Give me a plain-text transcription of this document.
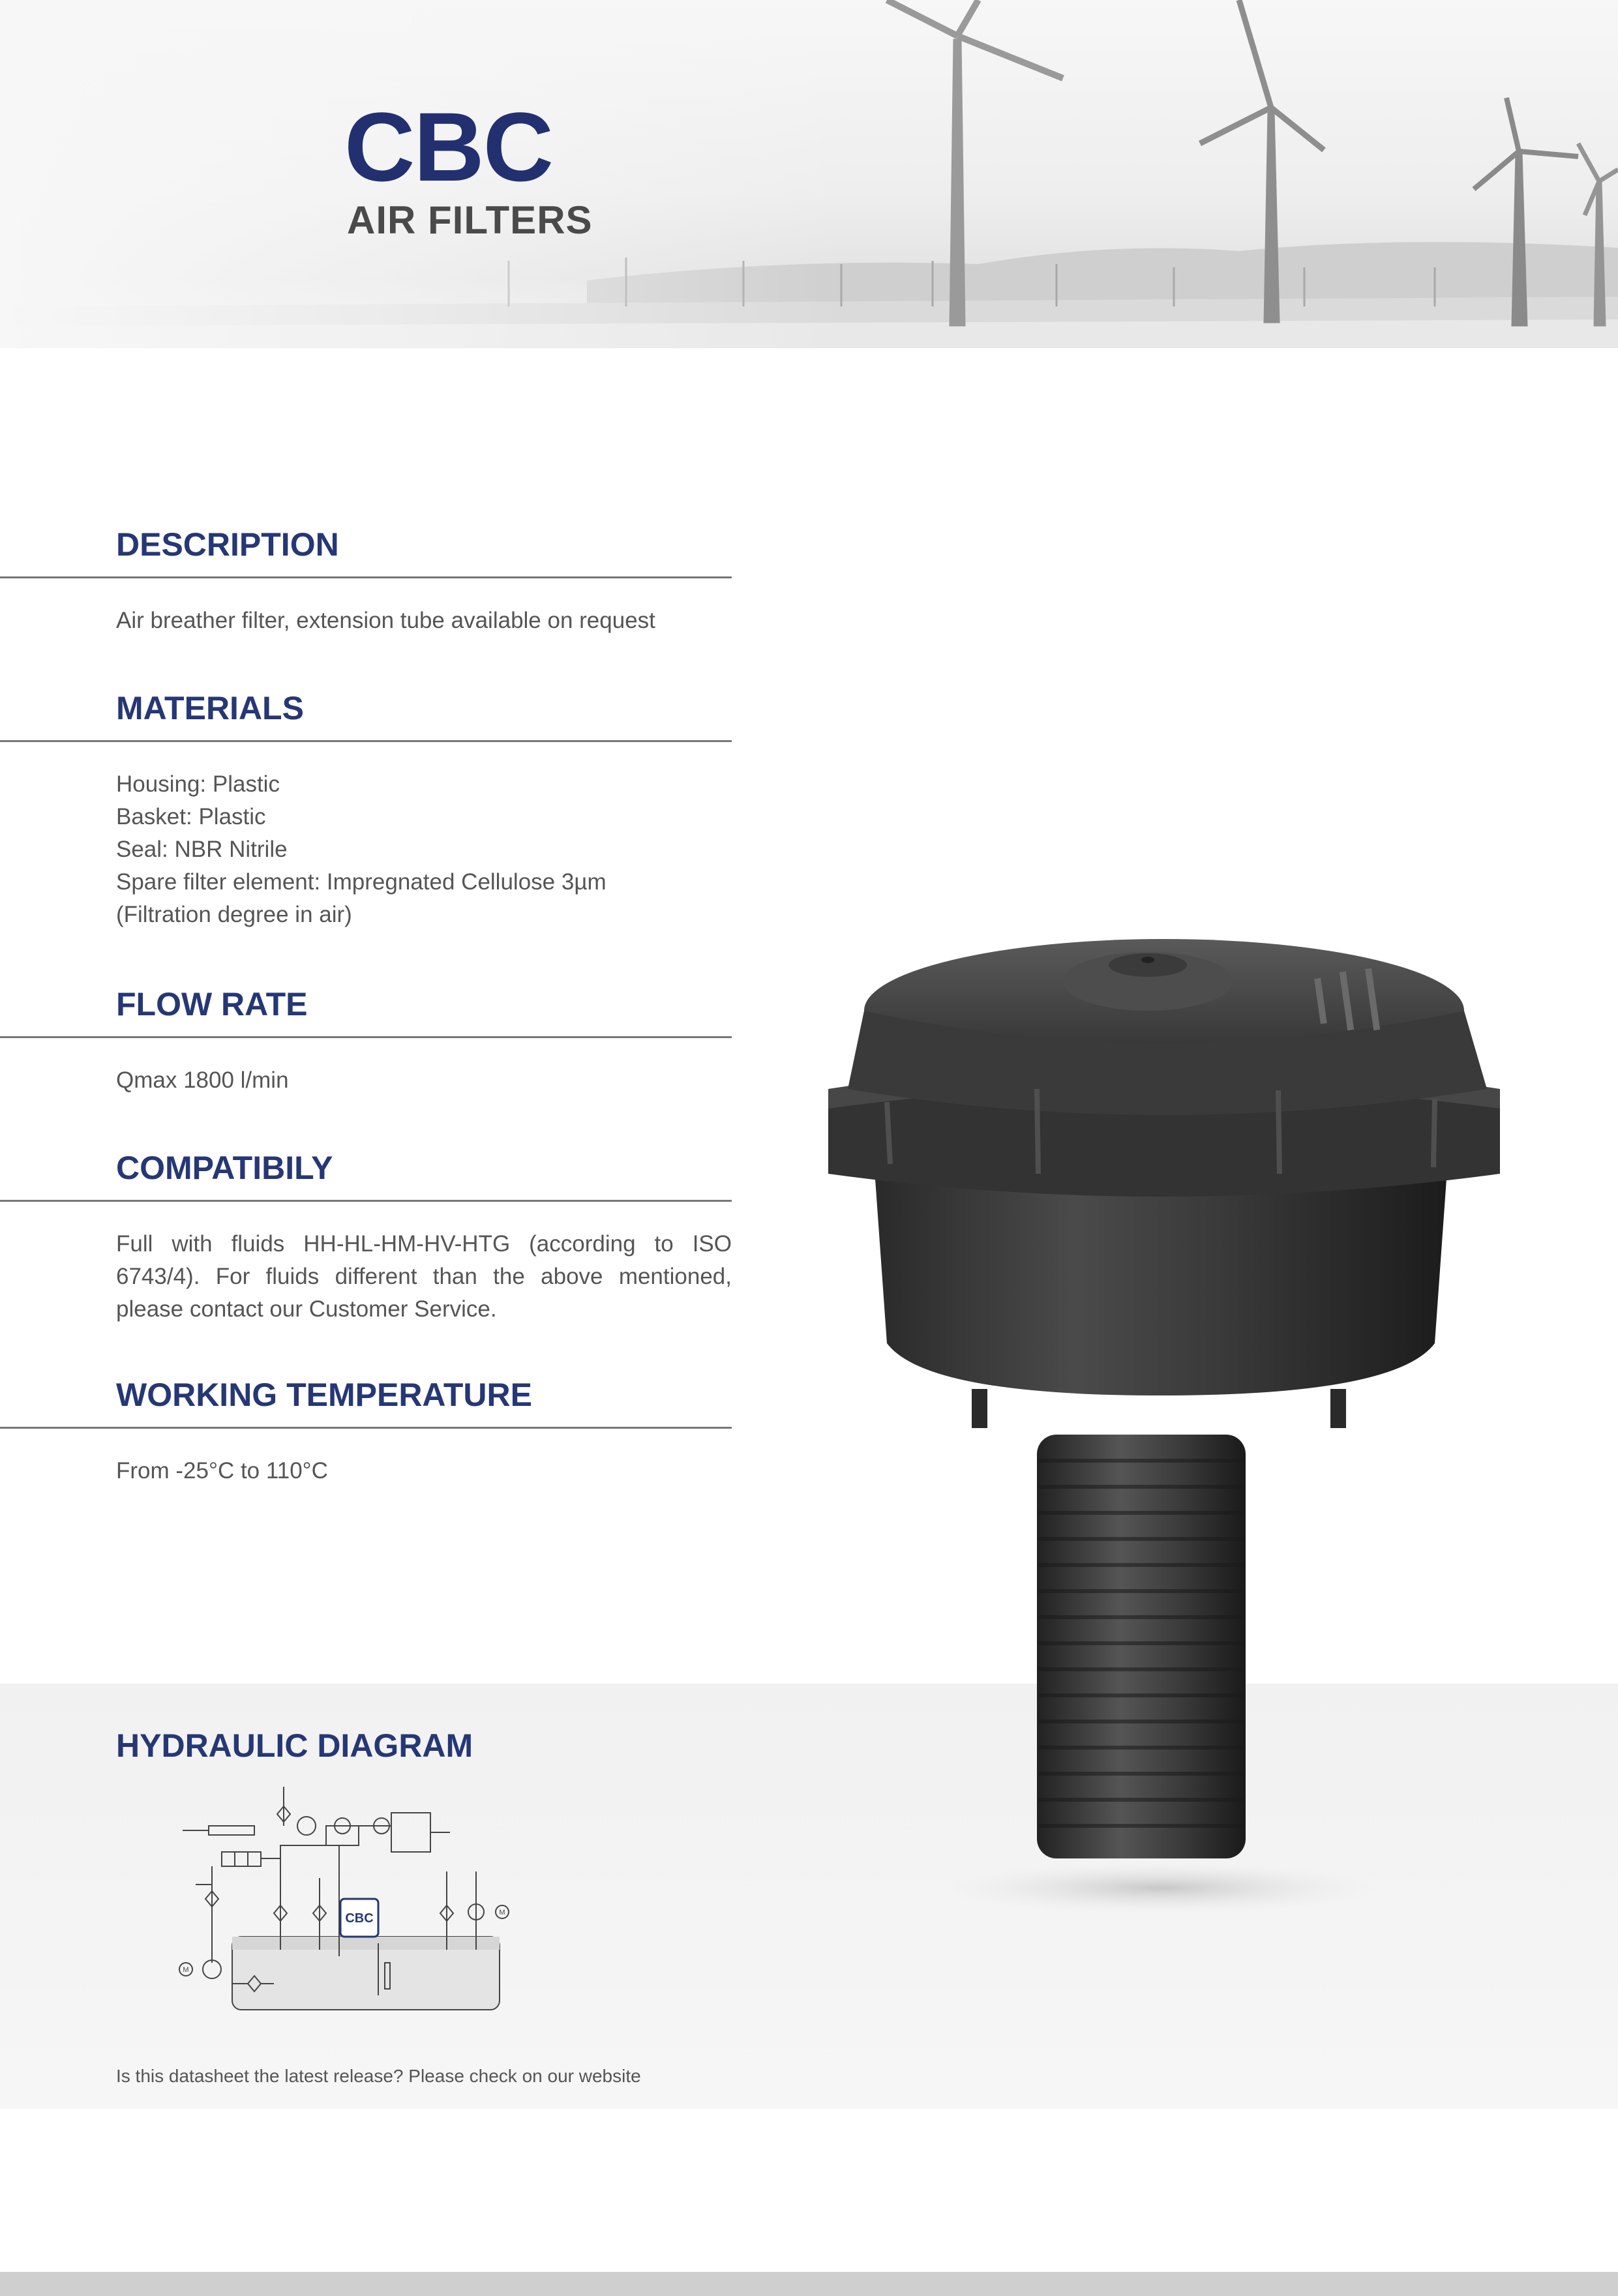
CBC
AIR FILTERS
DESCRIPTION

Air breather filter, extension tube available on request

MATERIALS

Housing: Plastic

Basket: Plastic

Seal: NBR Nitrile

Spare filter element: Impregnated Cellulose 3µm

(Filtration degree in air)

FLOW RATE

Qmax 1800 l/min

COMPATIBILY

Full with fluids HH-HL-HM-HV-HTG (according to ISO 6743/4). For fluids different than the above mentioned, please contact our Customer Service.

WORKING TEMPERATURE

From -25°C to 110°C

HYDRAULIC DIAGRAM
CBC
M
M

Is this datasheet the latest release? Please check on our website
